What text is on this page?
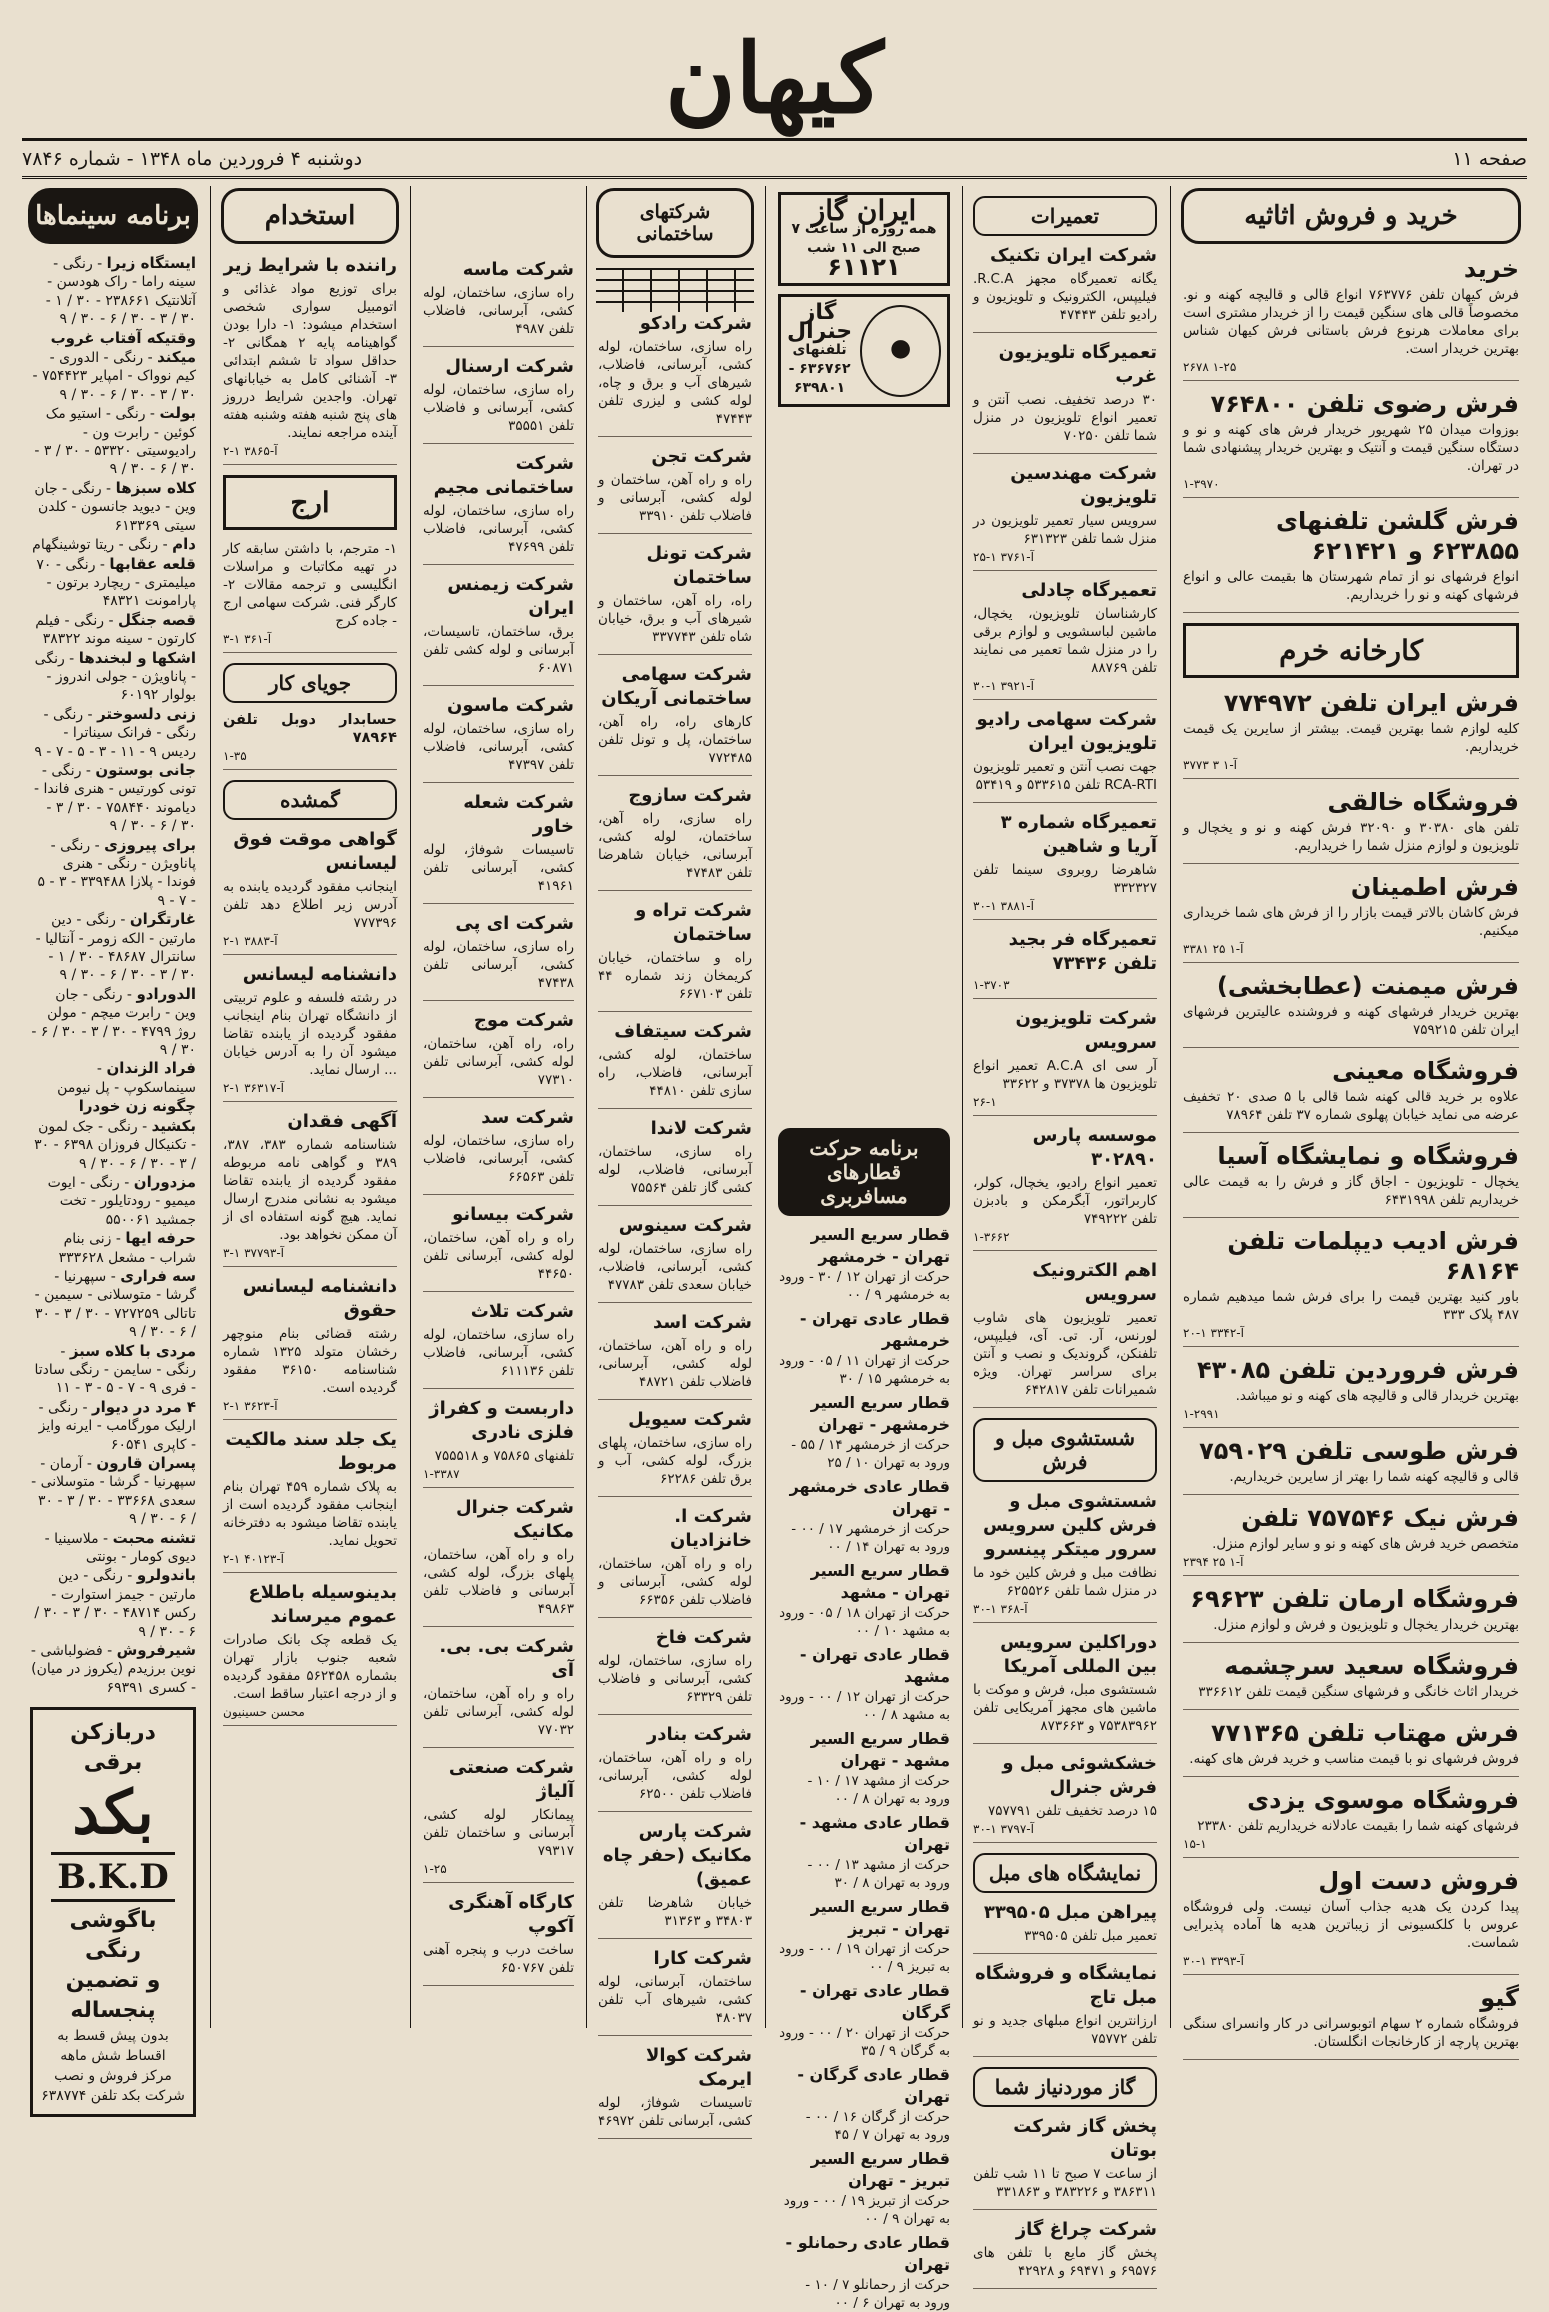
کیهان
صفحه ۱۱
دوشنبه ۴ فروردین ماه ۱۳۴۸ - شماره ۷۸۴۶
خرید و فروش اثاثیه
خرید
فرش کیهان تلفن ۷۶۳۷۷۶ انواع قالی و قالیچه کهنه و نو. مخصوصاً قالی های سنگین قیمت را از خریدار مشتری است برای معاملات هرنوع فرش باستانی فرش کیهان شناس بهترین خریدار است.
۲۶۷۸ ۱-۲۵
فرش رضوی تلفن ۷۶۴۸۰۰
بوزوات میدان ۲۵ شهریور خریدار فرش های کهنه و نو و دستگاه سنگین قیمت و آنتیک و بهترین خریدار پیشنهادی شما در تهران.
۱-۳۹۷۰
فرش گلشن تلفنهای ۶۲۳۸۵۵ و ۶۲۱۴۲۱
انواع فرشهای نو از تمام شهرستان ها بقیمت عالی و انواع فرشهای کهنه و نو را خریداریم.
کارخانه خرم
فرش ایران تلفن ۷۷۴۹۷۲
کلیه لوازم شما بهترین قیمت. بیشتر از سایرین یک قیمت خریداریم.
۳۷۷۳ آ-۱ ۳
فروشگاه خالقی
تلفن های ۳۰۳۸۰ و ۳۲۰۹۰ فرش کهنه و نو و یخچال و تلویزیون و لوازم منزل شما را خریداریم.
فرش اطمینان
فرش کاشان بالاتر قیمت بازار را از فرش های شما خریداری میکنیم.
۳۳۸۱ آ-۱ ۲۵
فرش میمنت (عطابخشی)
بهترین خریدار فرشهای کهنه و فروشنده عالیترین فرشهای ایران تلفن ۷۵۹۲۱۵
فروشگاه معینی
علاوه بر خرید قالی کهنه شما قالی با ۵ صدی ۲۰ تخفیف عرضه می نماید خیابان پهلوی شماره ۳۷ تلفن ۷۸۹۶۴
فروشگاه و نمایشگاه آسیا
یخچال - تلویزیون - اجاق گاز و فرش را به قیمت عالی خریداریم تلفن ۶۴۳۱۹۹۸
فرش ادیب دیپلمات تلفن ۶۸۱۶۴
باور کنید بهترین قیمت را برای فرش شما میدهیم شماره ۴۸۷ پلاک ۳۳۳
آ-۳۳۴۲ ۱-۲۰
فرش فروردین تلفن ۴۳۰۸۵
بهترین خریدار قالی و قالیچه های کهنه و نو میباشد.
۱-۲۹۹۱
فرش طوسی تلفن ۷۵۹۰۲۹
قالی و قالیچه کهنه شما را بهتر از سایرین خریداریم.
فرش نیک ۷۵۷۵۴۶ تلفن
متخصص خرید فرش های کهنه و نو و سایر لوازم منزل.
۲۳۹۴ آ-۱ ۲۵
فروشگاه ارمان تلفن ۶۹۶۲۳
بهترین خریدار یخچال و تلویزیون و فرش و لوازم منزل.
فروشگاه سعید سرچشمه
خریدار اثاث خانگی و فرشهای سنگین قیمت تلفن ۳۳۶۶۱۲
فرش مهتاب تلفن ۷۷۱۳۶۵
فروش فرشهای نو با قیمت مناسب و خرید فرش های کهنه.
فروشگاه موسوی یزدی
فرشهای کهنه شما را بقیمت عادلانه خریداریم تلفن ۲۳۳۸۰
۱۵-۱
فروش دست اول
پیدا کردن یک هدیه جذاب آسان نیست. ولی فروشگاه عروس با کلکسیونی از زیباترین هدیه ها آماده پذیرایی شماست.
آ-۳۳۹۳ ۱-۳۰
گیو
فروشگاه شماره ۲ سهام اتوبوسرانی در کار وانسرای سنگی بهترین پارچه از کارخانجات انگلستان.
تعمیرات
شرکت ایران تکنیک
یگانه تعمیرگاه مجهز R.C.A. فیلیپس، الکترونیک و تلویزیون و رادیو تلفن ۴۷۴۴۳
تعمیرگاه تلویزیون غرب
۳۰ درصد تخفیف. نصب آنتن و تعمیر انواع تلویزیون در منزل شما تلفن ۷۰۲۵۰
شرکت مهندسین تلویزیون
سرویس سیار تعمیر تلویزیون در منزل شما تلفن ۶۳۱۳۲۳
آ-۳۷۶۱ ۱-۲۵
تعمیرگاه چادلی
کارشناسان تلویزیون، یخچال، ماشین لباسشویی و لوازم برقی را در منزل شما تعمیر می نمایند تلفن ۸۸۷۶۹
آ-۳۹۲۱ ۱-۳۰
شرکت سهامی رادیو تلویزیون ایران
جهت نصب آنتن و تعمیر تلویزیون RCA-RTI تلفن ۵۳۳۶۱۵ و ۵۳۴۱۹
تعمیرگاه شماره ۳ آریا و شاهین
شاهرضا روبروی سینما تلفن ۳۳۲۳۲۷
آ-۳۸۸۱ ۱-۳۰
تعمیرگاه فر بجید تلفن ۷۳۴۳۶
۱-۳۷۰۳
شرکت تلویزیون سرویس
آر سی ای A.C.A تعمیر انواع تلویزیون ها ۳۷۳۷۸ و ۳۳۶۲۲
۲۶-۱
موسسه پارس ۳۰۲۸۹۰
تعمیر انواع رادیو، یخچال، کولر، کاربراتور، آبگرمکن و بادبزن تلفن ۷۴۹۲۲۲
۱-۳۶۶۲
اهم الکترونیک سرویس
تعمیر تلویزیون های شاوب لورنس، آر. تی. آی، فیلیپس، تلفنکن، گروندیک و نصب و آنتن برای سراسر تهران. ویژه شمیرانات تلفن ۶۴۲۸۱۷
شستشوی مبل و فرش
شستشوی مبل و فرش کلین سرویس سرور میتکر پینسرو
نظافت مبل و فرش کلین خود ما در منزل شما تلفن ۶۲۵۵۲۶
آ-۳۶۸ ۱-۳۰
دوراکلین سرویس بین المللی آمریکا
شستشوی مبل، فرش و موکت با ماشین های مجهز آمریکایی تلفن ۷۵۳۸۳۹۶۲ و ۸۷۳۶۶۳
خشکشوئی مبل و فرش جنرال
۱۵ درصد تخفیف تلفن ۷۵۷۷۹۱
آ-۳۷۹۷ ۱-۳۰
نمایشگاه های مبل
پیراهن مبل ۳۳۹۵۰۵
تعمیر مبل تلفن ۳۳۹۵۰۵
نمایشگاه و فروشگاه مبل تاج
ارزانترین انواع مبلهای جدید و نو تلفن ۷۵۷۷۲
گاز موردنیاز شما
پخش گاز شرکت بوتان
از ساعت ۷ صبح تا ۱۱ شب تلفن ۳۸۶۳۱۱ و ۳۸۳۲۲۶ و ۳۳۱۸۶۳
شرکت چراغ گاز
پخش گاز مایع با تلفن های ۶۹۵۷۶ و ۶۹۴۷۱ و ۴۲۹۲۸
برنامه حرکت قطارهای مسافربری
قطار سریع السیر تهران - خرمشهر
حرکت از تهران ۱۲ / ۳۰ - ورود به خرمشهر ۹ / ۰۰
قطار عادی تهران - خرمشهر
حرکت از تهران ۱۱ / ۰۵ - ورود به خرمشهر ۱۵ / ۳۰
قطار سریع السیر خرمشهر - تهران
حرکت از خرمشهر ۱۴ / ۵۵ - ورود به تهران ۱۰ / ۲۵
قطار عادی خرمشهر - تهران
حرکت از خرمشهر ۱۷ / ۰۰ - ورود به تهران ۱۴ / ۰۰
قطار سریع السیر تهران - مشهد
حرکت از تهران ۱۸ / ۰۵ - ورود به مشهد ۱۰ / ۰۰
قطار عادی تهران - مشهد
حرکت از تهران ۱۲ / ۰۰ - ورود به مشهد ۸ / ۰۰
قطار سریع السیر مشهد - تهران
حرکت از مشهد ۱۷ / ۱۰ - ورود به تهران ۸ / ۰۰
قطار عادی مشهد - تهران
حرکت از مشهد ۱۳ / ۰۰ - ورود به تهران ۸ / ۳۰
قطار سریع السیر تهران - تبریز
حرکت از تهران ۱۹ / ۰۰ - ورود به تبریز ۹ / ۰۰
قطار عادی تهران - گرگان
حرکت از تهران ۲۰ / ۰۰ - ورود به گرگان ۹ / ۳۵
قطار عادی گرگان - تهران
حرکت از گرگان ۱۶ / ۰۰ - ورود به تهران ۷ / ۴۵
قطار سریع السیر تبریز - تهران
حرکت از تبریز ۱۹ / ۰۰ - ورود به تهران ۹ / ۰۰
قطار عادی رحمانلو - تهران
حرکت از رحمانلو ۷ / ۱۰ - ورود به تهران ۶ / ۰۰
ایران گاز
همه روزه از ساعت ۷ صبح الی ۱۱ شب
۶۱۱۲۱
⚫
گاز جنرال
تلفنهای ۶۳۶۷۶۲ - ۶۳۹۸۰۱
شرکتهای ساختمانی
شرکت رادکو
راه سازی، ساختمان، لوله کشی، آبرسانی، فاضلاب، شیرهای آب و برق و چاه، لوله کشی و لیزری تلفن ۴۷۴۴۳
شرکت تجن
راه و راه آهن، ساختمان و لوله کشی، آبرسانی و فاضلاب تلفن ۳۳۹۱۰
شرکت تونل ساختمان
راه، راه آهن، ساختمان و شیرهای آب و برق، خیابان شاه تلفن ۳۳۷۷۴۳
شرکت سهامی ساختمانی آریکان
کارهای راه، راه آهن، ساختمان، پل و تونل تلفن ۷۷۲۴۸۵
شرکت سازوج
راه سازی، راه آهن، ساختمان، لوله کشی، آبرسانی، خیابان شاهرضا تلفن ۴۷۴۸۳
شرکت تراه و ساختمان
راه و ساختمان، خیابان کریمخان زند شماره ۴۴ تلفن ۶۶۷۱۰۳
شرکت سیتفاف
ساختمان، لوله کشی، آبرسانی، فاضلاب، راه سازی تلفن ۴۴۸۱۰
شرکت لاندا
راه سازی، ساختمان، آبرسانی، فاضلاب، لوله کشی گاز تلفن ۷۵۵۶۴
شرکت سینوس
راه سازی، ساختمان، لوله کشی، آبرسانی، فاضلاب، خیابان سعدی تلفن ۴۷۷۸۳
شرکت اسد
راه و راه آهن، ساختمان، لوله کشی، آبرسانی، فاضلاب تلفن ۴۸۷۲۱
شرکت سیویل
راه سازی، ساختمان، پلهای بزرگ، لوله کشی، آب و برق تلفن ۶۲۲۸۶
شرکت ا. خانزادیان
راه و راه آهن، ساختمان، لوله کشی، آبرسانی و فاضلاب تلفن ۶۶۳۵۶
شرکت فاخ
راه سازی، ساختمان، لوله کشی، آبرسانی و فاضلاب تلفن ۶۳۳۲۹
شرکت بنادر
راه و راه آهن، ساختمان، لوله کشی، آبرسانی، فاضلاب تلفن ۶۲۵۰۰
شرکت پارس مکانیک (حفر چاه عمیق)
خیابان شاهرضا تلفن ۳۴۸۰۳ و ۳۱۳۶۳
شرکت کارا
ساختمان، آبرسانی، لوله کشی، شیرهای آب تلفن ۴۸۰۳۷
شرکت کوالا ایرمک
تاسیسات شوفاژ، لوله کشی، آبرسانی تلفن ۴۶۹۷۲
شرکت ماسه
راه سازی، ساختمان، لوله کشی، آبرسانی، فاضلاب تلفن ۴۹۸۷
شرکت ارسنال
راه سازی، ساختمان، لوله کشی، آبرسانی و فاضلاب تلفن ۳۵۵۵۱
شرکت ساختمانی مجیم
راه سازی، ساختمان، لوله کشی، آبرسانی، فاضلاب تلفن ۴۷۶۹۹
شرکت زیمنس ایران
برق، ساختمان، تاسیسات، آبرسانی و لوله کشی تلفن ۶۰۸۷۱
شرکت ماسون
راه سازی، ساختمان، لوله کشی، آبرسانی، فاضلاب تلفن ۴۷۳۹۷
شرکت شعله خاور
تاسیسات شوفاژ، لوله کشی، آبرسانی تلفن ۴۱۹۶۱
شرکت ای پی
راه سازی، ساختمان، لوله کشی، آبرسانی تلفن ۴۷۴۳۸
شرکت موج
راه، راه آهن، ساختمان، لوله کشی، آبرسانی تلفن ۷۷۳۱۰
شرکت سد
راه سازی، ساختمان، لوله کشی، آبرسانی، فاضلاب تلفن ۶۶۵۶۳
شرکت بیسانو
راه و راه آهن، ساختمان، لوله کشی، آبرسانی تلفن ۴۴۶۵۰
شرکت تلاث
راه سازی، ساختمان، لوله کشی، آبرسانی، فاضلاب تلفن ۶۱۱۱۳۶
داربست و کفراژ فلزی نادری
تلفنهای ۷۵۸۶۵ و ۷۵۵۵۱۸
۱-۳۳۸۷
شرکت جنرال مکانیک
راه و راه آهن، ساختمان، پلهای بزرگ، لوله کشی، آبرسانی و فاضلاب تلفن ۴۹۸۶۳
شرکت بی. بی. آی
راه و راه آهن، ساختمان، لوله کشی، آبرسانی تلفن ۷۷۰۳۲
شرکت صنعتی آلیاژ
پیمانکار لوله کشی، آبرسانی و ساختمان تلفن ۷۹۳۱۷
۱-۲۵
کارگاه آهنگری آکوپ
ساخت درب و پنجره آهنی تلفن ۶۵۰۷۶۷
استخدام
راننده با شرایط زیر
برای توزیع مواد غذائی و اتومبیل سواری شخصی استخدام میشود: ۱- دارا بودن گواهینامه پایه ۲ همگانی ۲- حداقل سواد تا ششم ابتدائی ۳- آشنائی کامل به خیابانهای تهران. واجدین شرایط درروز های پنج شنبه هفته وشنبه هفته آینده مراجعه نمایند.
آ-۳۸۶۵ ۱-۲
ارج
۱- مترجم، با داشتن سابقه کار در تهیه مکاتبات و مراسلات انگلیسی و ترجمه مقالات ۲- کارگر فنی. شرکت سهامی ارج - جاده کرج
آ-۳۶۱ ۱-۳
جویای کار
حسابدار دوبل تلفن ۷۸۹۶۴
۱-۳۵
گمشده
گواهی موقت فوق لیسانس
اینجانب مفقود گردیده یابنده به آدرس زیر اطلاع دهد تلفن ۷۷۷۳۹۶
آ-۳۸۸۳ ۱-۲
دانشنامه لیسانس
در رشته فلسفه و علوم تربیتی از دانشگاه تهران بنام اینجانب مفقود گردیده از یابنده تقاضا میشود آن را به آدرس خیابان ... ارسال نماید.
آ-۳۶۳۱۷ ۱-۲
آگهی فقدان
شناسنامه شماره ۳۸۳، ۳۸۷، ۳۸۹ و گواهی نامه مربوطه مفقود گردیده از یابنده تقاضا میشود به نشانی مندرج ارسال نماید. هیچ گونه استفاده ای از آن ممکن نخواهد بود.
آ-۳۷۷۹۳ ۱-۳
دانشنامه لیسانس حقوق
رشته قضائی بنام منوچهر رخشان متولد ۱۳۲۵ شماره شناسنامه ۳۶۱۵۰ مفقود گردیده است.
آ-۳۶۲۳ ۱-۲
یک جلد سند مالکیت مربوط
به پلاک شماره ۴۵۹ تهران بنام اینجانب مفقود گردیده است از یابنده تقاضا میشود به دفترخانه تحویل نماید.
آ-۴۰۱۲۳ ۱-۲
بدینوسیله باطلاع عموم میرساند
یک قطعه چک بانک صادرات شعبه جنوب بازار تهران بشماره ۵۶۲۴۵۸ مفقود گردیده و از درجه اعتبار ساقط است.
محسن حسینیون
برنامه سینماها
ایستگاه زیرا - رنگی - سینه راما - راک هودسن - آتلانتیک ۲۳۸۶۶۱ - ۳۰ / ۱ - ۳۰ / ۳ - ۳۰ / ۶ - ۳۰ / ۹
وقتیکه آفتاب غروب میکند - رنگی - الدوری - کیم نوواک - امپایر ۷۵۴۴۲۳ - ۳۰ / ۳ - ۳۰ / ۶ - ۳۰ / ۹
بولت - رنگی - استیو مک کوئین - رابرت ون - رادیوسیتی ۵۳۳۲۰ - ۳۰ / ۳ - ۳۰ / ۶ - ۳۰ / ۹
کلاه سبزها - رنگی - جان وین - دیوید جانسون - کلدن سیتی ۶۱۳۳۶۹
دام - رنگی - ریتا توشینگهام
قلعه عقابها - رنگی - ۷۰ میلیمتری - ریچارد برتون - پارامونت ۴۸۳۲۱
قصه جنگل - رنگی - فیلم کارتون - سینه موند ۳۸۳۲۲
اشکها و لبخندها - رنگی - پاناویژن - جولی اندروز - بولوار ۶۰۱۹۲
زنی دلسوختر - رنگی - رنگی - فرانک سیناترا - ردیس ۹ - ۱۱ - ۳ - ۵ - ۷ - ۹
جانی بوستون - رنگی - تونی کورتیس - هنری فاندا - دیاموند ۷۵۸۴۴۰ - ۳۰ / ۳ - ۳۰ / ۶ - ۳۰ / ۹
برای پیروزی - رنگی - پاناویژن - رنگی - هنری فوندا - پلازا ۳۳۹۴۸۸ - ۳ - ۵ - ۷ - ۹
غارتگران - رنگی - دین مارتین - الکه زومر - آنتالیا - سانترال ۴۸۶۸۷ - ۳۰ / ۱ - ۳۰ / ۳ - ۳۰ / ۶ - ۳۰ / ۹
الدورادو - رنگی - جان وین - رابرت میچم - مولن روژ ۴۷۹۹ - ۳۰ / ۳ - ۳۰ / ۶ - ۳۰ / ۹
فراد الزندان - سینماسکوپ - پل نیومن
چگونه زن خودرا بکشید - رنگی - جک لمون - تکنیکال فروزان ۶۳۹۸ - ۳۰ / ۳ - ۳۰ / ۶ - ۳۰ / ۹
مزدوران - رنگی - ایوت میمیو - رودتایلور - تخت جمشید ۵۵۰۰۶۱
حرفه ایها - زنی بنام شراب - مشعل ۳۳۳۶۲۸
سه فراری - سپهرنیا - گرشا - متوسلانی - سیمین - تاتالی ۷۲۷۲۵۹ - ۳۰ / ۳ - ۳۰ / ۶ - ۳۰ / ۹
مردی با کلاه سبز - رنگی - سایمن - رنگی سادتا - فری ۹ - ۷ - ۵ - ۳ - ۱۱
۴ مرد در دیوار - رنگی - ارلیک مورگامب - ایرنه وایز - کاپری ۶۰۵۴۱
پسران قارون - آرمان - سپهرنیا - گرشا - متوسلانی - سعدی ۳۳۶۶۸ - ۳۰ / ۳ - ۳۰ / ۶ - ۳۰ / ۹
تشنه محبت - ملاسینیا - دیوی کومار - بونتی
باندولرو - رنگی - دین مارتین - جیمز استوارت - رکس ۴۸۷۱۴ - ۳۰ / ۳ - ۳۰ / ۶ - ۳۰ / ۹
شیرفروش - فضولباشی - نوین برزیدم (یکروز در میان) - کسری ۶۹۳۹۱
دربازکن برقی
بکد
B.K.D
باگوشی رنگی
و تضمین پنجساله
بدون پیش قسط به اقساط شش ماهه
مرکز فروش و نصب شرکت بکد تلفن ۶۳۸۷۷۴
